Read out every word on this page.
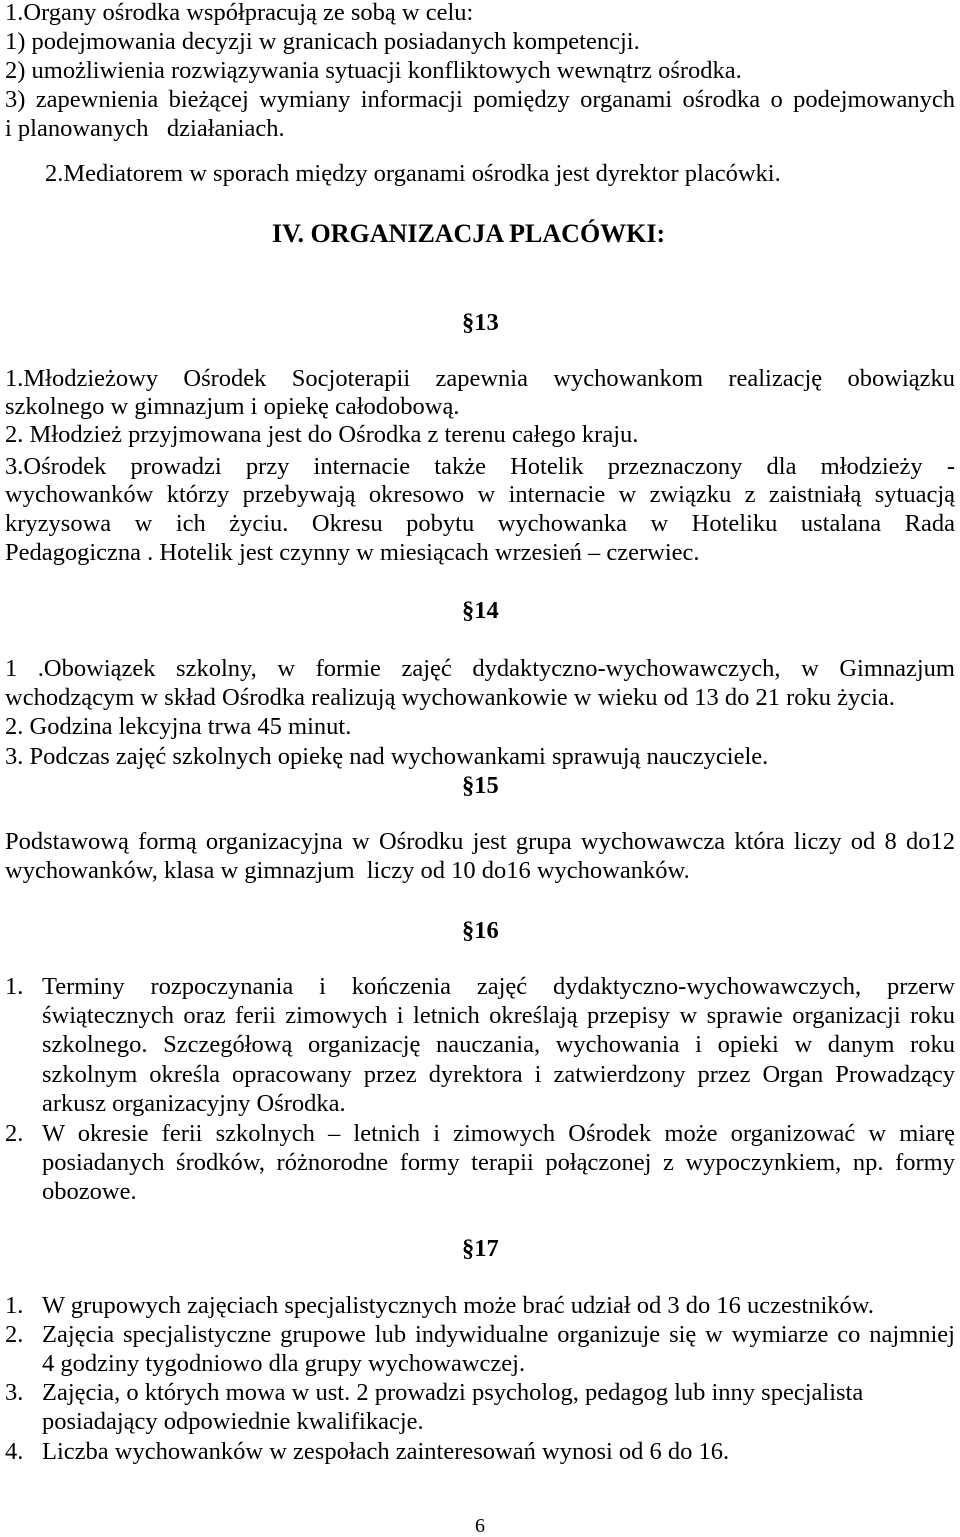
1.Organy ośrodka współpracują ze sobą w celu:
1) podejmowania decyzji w granicach posiadanych kompetencji.
2) umożliwienia rozwiązywania sytuacji konfliktowych wewnątrz ośrodka.
3) zapewnienia bieżącej wymiany informacji pomiędzy organami ośrodka o podejmowanych
i planowanych   działaniach.
2.Mediatorem w sporach między organami ośrodka jest dyrektor placówki.
IV. ORGANIZACJA PLACÓWKI:
§13
1.Młodzieżowy Ośrodek Socjoterapii zapewnia wychowankom realizację obowiązku
szkolnego w gimnazjum i opiekę całodobową.
2. Młodzież przyjmowana jest do Ośrodka z terenu całego kraju.
3.Ośrodek prowadzi przy internacie także Hotelik przeznaczony dla młodzieży -
wychowanków którzy przebywają okresowo w internacie w związku z zaistniałą sytuacją
kryzysowa w ich życiu. Okresu pobytu wychowanka w Hoteliku ustalana Rada
Pedagogiczna . Hotelik jest czynny w miesiącach wrzesień – czerwiec.
§14
1 .Obowiązek szkolny, w formie zajęć dydaktyczno-wychowawczych, w Gimnazjum
wchodzącym w skład Ośrodka realizują wychowankowie w wieku od 13 do 21 roku życia.
2. Godzina lekcyjna trwa 45 minut.
3. Podczas zajęć szkolnych opiekę nad wychowankami sprawują nauczyciele.
§15
Podstawową formą organizacyjna w Ośrodku jest grupa wychowawcza która liczy od 8 do12
wychowanków, klasa w gimnazjum  liczy od 10 do16 wychowanków.
§16
1. Terminy rozpoczynania i kończenia zajęć dydaktyczno-wychowawczych, przerw
świątecznych oraz ferii zimowych i letnich określają przepisy w sprawie organizacji roku
szkolnego. Szczegółową organizację nauczania, wychowania i opieki w danym roku
szkolnym określa opracowany przez dyrektora i zatwierdzony przez Organ Prowadzący
arkusz organizacyjny Ośrodka.
2. W okresie ferii szkolnych – letnich i zimowych Ośrodek może organizować w miarę
posiadanych środków, różnorodne formy terapii połączonej z wypoczynkiem, np. formy
obozowe.
§17
1. W grupowych zajęciach specjalistycznych może brać udział od 3 do 16 uczestników.
2. Zajęcia specjalistyczne grupowe lub indywidualne organizuje się w wymiarze co najmniej
4 godziny tygodniowo dla grupy wychowawczej.
3. Zajęcia, o których mowa w ust. 2 prowadzi psycholog, pedagog lub inny specjalista
posiadający odpowiednie kwalifikacje.
4. Liczba wychowanków w zespołach zainteresowań wynosi od 6 do 16.
6
